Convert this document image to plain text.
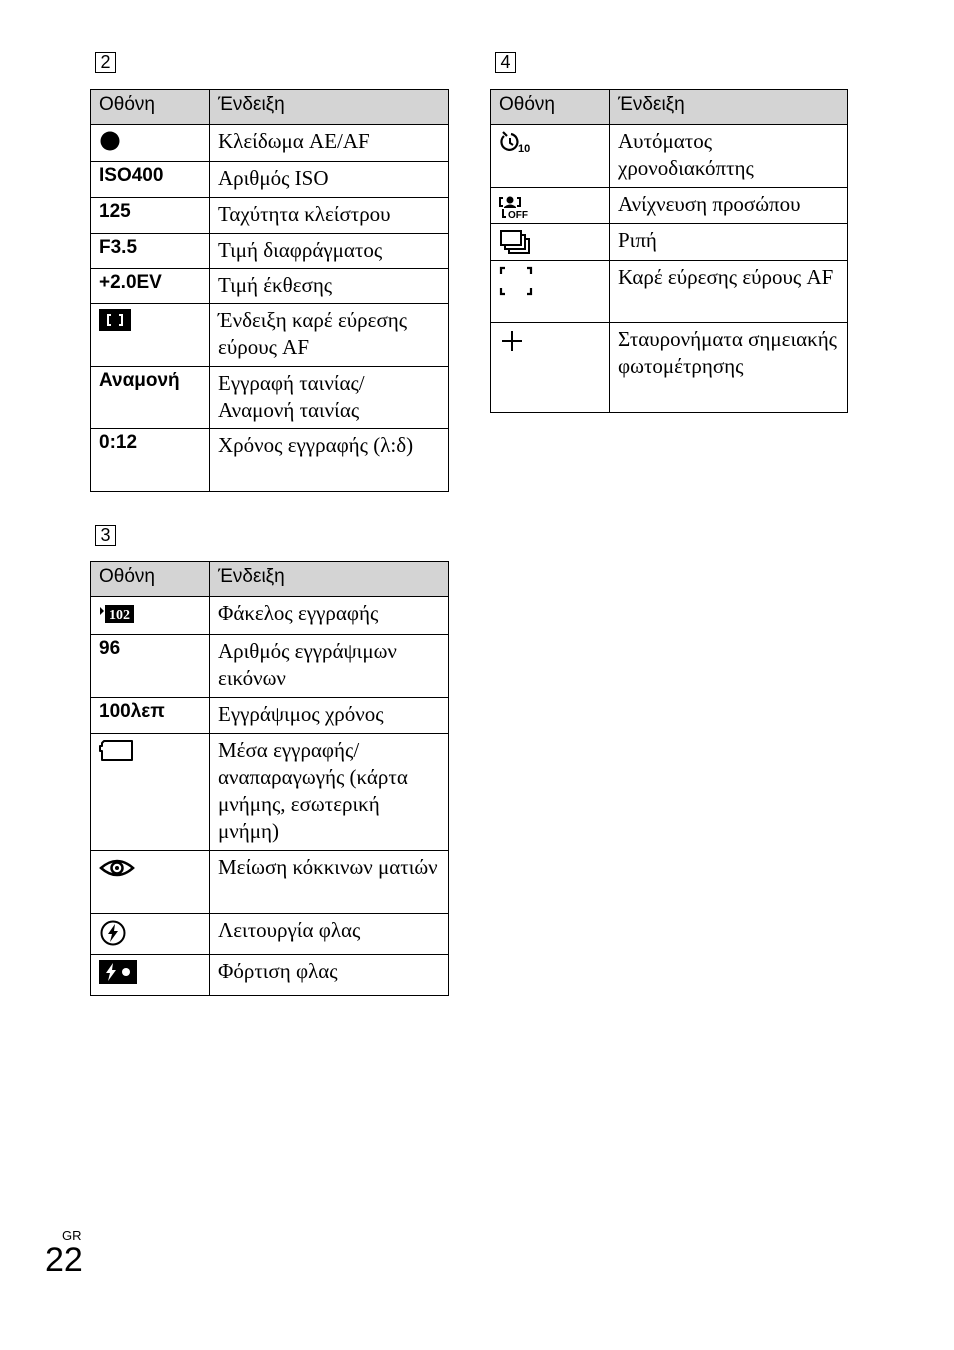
2
Οθόνη	Ένδειξη
	Κλείδωμα AE/AF
ISO400	Αριθμός ISO
125	Ταχύτητα κλείστρου
F3.5	Τιμή διαφράγματος
+2.0EV	Τιμή έκθεσης
	Ένδειξη καρέ εύρεσης εύρους AF
Αναμονή	Εγγραφή ταινίας/ Αναμονή ταινίας
0:12	Χρόνος εγγραφής (λ:δ)
3
Οθόνη	Ένδειξη

102	Φάκελος εγγραφής
96	Αριθμός εγγράψιμων εικόνων
100λεπ	Εγγράψιμος χρόνος
	Μέσα εγγραφής/ αναπαραγωγής (κάρτα μνήμης, εσωτερική μνήμη)
	Μείωση κόκκινων ματιών
	Λειτουργία φλας
	Φόρτιση φλας
4
Οθόνη	Ένδειξη

10	Αυτόματος χρονοδιακόπτης

OFF	Ανίχνευση προσώπου
	Ριπή
	Καρέ εύρεσης εύρους AF
	Σταυρονήματα σημειακής φωτομέτρησης
GR
22
